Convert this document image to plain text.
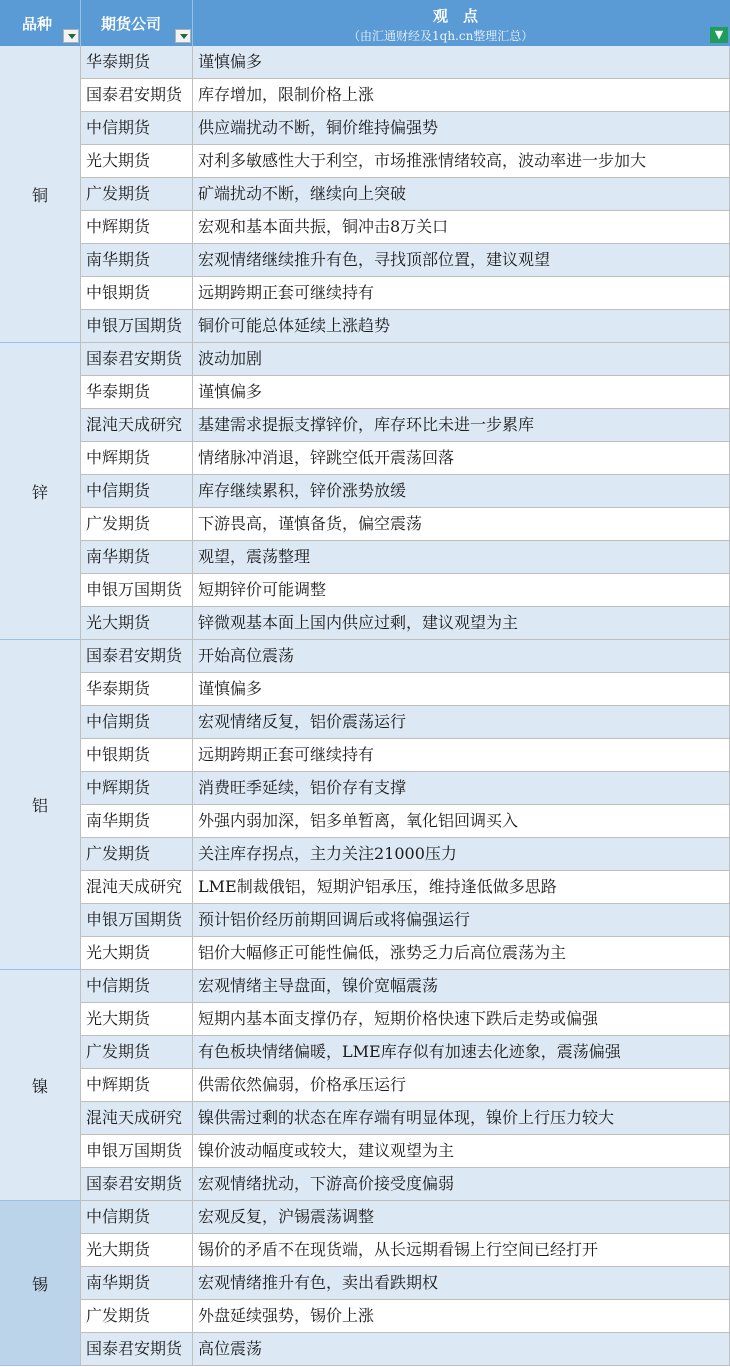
品种	期货公司	观　点
（由汇通财经及1qh.cn整理汇总）	▼
铜
华泰期货	谨慎偏多
国泰君安期货 库存增加，限制价格上涨
中信期货	供应端扰动不断，铜价维持偏强势
光大期货	对利多敏感性大于利空，市场推涨情绪较高，波动率进一步加大
广发期货	矿端扰动不断，继续向上突破
中辉期货	宏观和基本面共振，铜冲击8万关口
南华期货	宏观情绪继续推升有色，寻找顶部位置，建议观望
中银期货	远期跨期正套可继续持有
申银万国期货 铜价可能总体延续上涨趋势
锌
国泰君安期货 波动加剧
华泰期货	谨慎偏多
混沌天成研究 基建需求提振支撑锌价，库存环比未进一步累库
中辉期货	情绪脉冲消退，锌跳空低开震荡回落
中信期货	库存继续累积，锌价涨势放缓
广发期货	下游畏高，谨慎备货，偏空震荡
南华期货	观望，震荡整理
申银万国期货 短期锌价可能调整
光大期货	锌微观基本面上国内供应过剩，建议观望为主
铝
国泰君安期货 开始高位震荡
华泰期货	谨慎偏多
中信期货	宏观情绪反复，铝价震荡运行
中银期货	远期跨期正套可继续持有
中辉期货	消费旺季延续，铝价存有支撑
南华期货	外强内弱加深，铝多单暂离，氧化铝回调买入
广发期货	关注库存拐点，主力关注21000压力
混沌天成研究 LME制裁俄铝，短期沪铝承压，维持逢低做多思路
申银万国期货 预计铝价经历前期回调后或将偏强运行
光大期货	铝价大幅修正可能性偏低，涨势乏力后高位震荡为主
镍
中信期货	宏观情绪主导盘面，镍价宽幅震荡
光大期货	短期内基本面支撑仍存，短期价格快速下跌后走势或偏强
广发期货	有色板块情绪偏暖，LME库存似有加速去化迹象，震荡偏强
中辉期货	供需依然偏弱，价格承压运行
混沌天成研究 镍供需过剩的状态在库存端有明显体现，镍价上行压力较大
申银万国期货 镍价波动幅度或较大，建议观望为主
国泰君安期货 宏观情绪扰动，下游高价接受度偏弱
锡
中信期货	宏观反复，沪锡震荡调整
光大期货	锡价的矛盾不在现货端，从长远期看锡上行空间已经打开
南华期货	宏观情绪推升有色，卖出看跌期权
广发期货	外盘延续强势，锡价上涨
国泰君安期货 高位震荡
